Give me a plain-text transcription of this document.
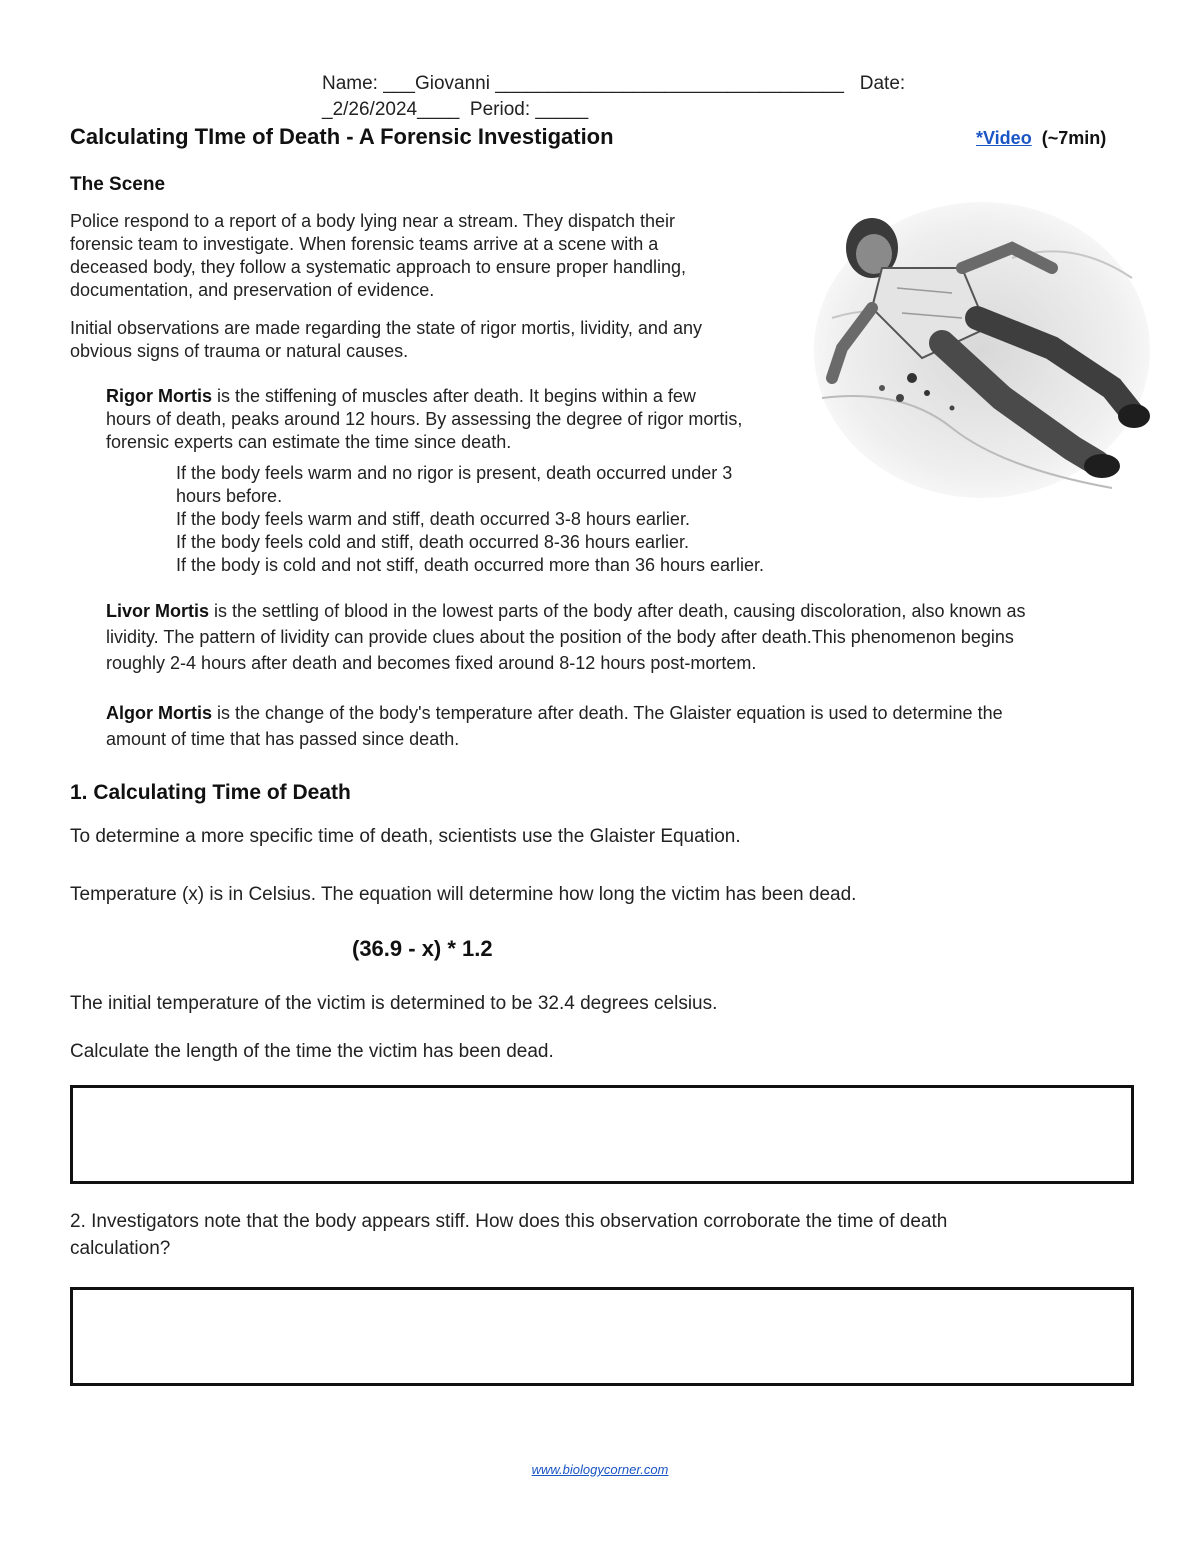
Name: ___Giovanni _________________________________   Date:
_2/26/2024____  Period: _____
Calculating TIme of Death - A Forensic Investigation	*Video (~7min)
The Scene
Police respond to a report of a body lying near a stream. They dispatch their
forensic team to investigate. When forensic teams arrive at a scene with a
deceased body, they follow a systematic approach to ensure proper handling,
documentation, and preservation of evidence.
Initial observations are made regarding the state of rigor mortis, lividity, and any
obvious signs of trauma or natural causes.
Rigor Mortis is the stiffening of muscles after death. It begins within a few
hours of death, peaks around 12 hours. By assessing the degree of rigor mortis,
forensic experts can estimate the time since death.
If the body feels warm and no rigor is present, death occurred under 3
hours before.
If the body feels warm and stiff, death occurred 3-8 hours earlier.
If the body feels cold and stiff, death occurred 8-36 hours earlier.
If the body is cold and not stiff, death occurred more than 36 hours earlier.
Livor Mortis is the settling of blood in the lowest parts of the body after death, causing discoloration, also known as
lividity. The pattern of lividity can provide clues about the position of the body after death.This phenomenon begins
roughly 2-4 hours after death and becomes fixed around 8-12 hours post-mortem.
Algor Mortis is the change of the body's temperature after death. The Glaister equation is used to determine the
amount of time that has passed since death.
1. Calculating Time of Death
To determine a more specific time of death, scientists use the Glaister Equation.
Temperature (x) is in Celsius. The equation will determine how long the victim has been dead.
(36.9 - x) * 1.2
The initial temperature of the victim is determined to be 32.4 degrees celsius.
Calculate the length of the time the victim has been dead.
2. Investigators note that the body appears stiff. How does this observation corroborate the time of death
calculation?
www.biologycorner.com
